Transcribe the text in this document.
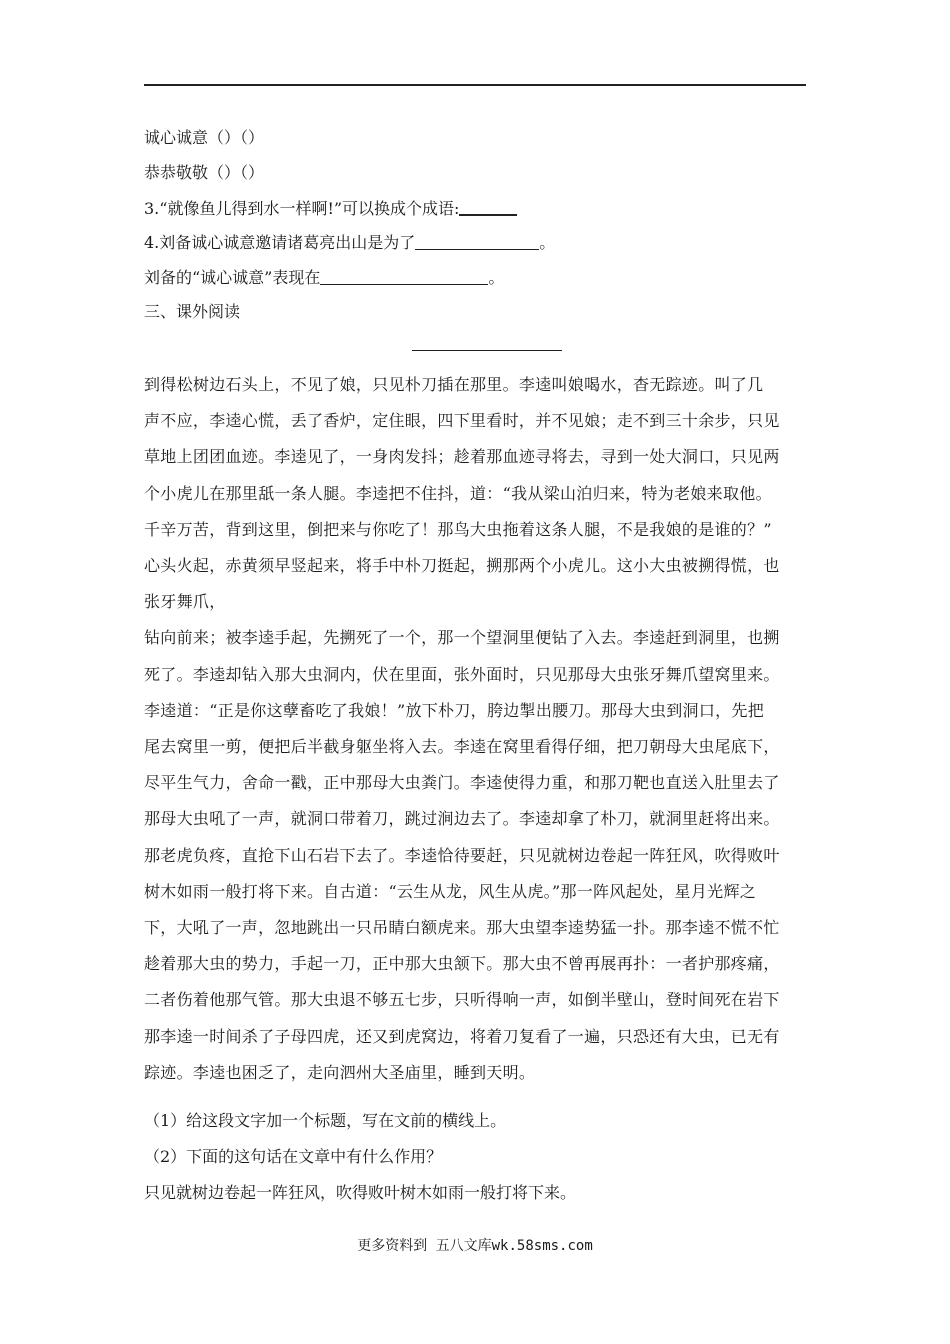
诚心诚意（）（）
恭恭敬敬（）（）
3.“就像鱼儿得到水一样啊!”可以换成个成语:
4.刘备诚心诚意邀请诸葛亮出山是为了	。
刘备的“诚心诚意”表现在	。
三、课外阅读
到得松树边石头上，不见了娘，只见朴刀插在那里。李逵叫娘喝水，杳无踪迹。叫了几
声不应，李逵心慌，丢了香炉，定住眼，四下里看时，并不见娘；走不到三十余步，只见
草地上团团血迹。李逵见了，一身肉发抖；趁着那血迹寻将去，寻到一处大洞口，只见两
个小虎儿在那里舐一条人腿。李逵把不住抖，道：“我从梁山泊归来，特为老娘来取他。
千辛万苦，背到这里，倒把来与你吃了！那鸟大虫拖着这条人腿，不是我娘的是谁的？”
心头火起，赤黄须早竖起来，将手中朴刀挺起，搠那两个小虎儿。这小大虫被搠得慌，也
张牙舞爪，
钻向前来；被李逵手起，先搠死了一个，那一个望洞里便钻了入去。李逵赶到洞里，也搠
死了。李逵却钻入那大虫洞内，伏在里面，张外面时，只见那母大虫张牙舞爪望窝里来。
李逵道：“正是你这孽畜吃了我娘！”放下朴刀，胯边掣出腰刀。那母大虫到洞口，先把
尾去窝里一剪，便把后半截身躯坐将入去。李逵在窝里看得仔细，把刀朝母大虫尾底下，
尽平生气力，舍命一戳，正中那母大虫粪门。李逵使得力重，和那刀靶也直送入肚里去了
那母大虫吼了一声，就洞口带着刀，跳过涧边去了。李逵却拿了朴刀，就洞里赶将出来。
那老虎负疼，直抢下山石岩下去了。李逵恰待要赶，只见就树边卷起一阵狂风，吹得败叶
树木如雨一般打将下来。自古道：“云生从龙，风生从虎。”那一阵风起处，星月光辉之
下，大吼了一声，忽地跳出一只吊睛白额虎来。那大虫望李逵势猛一扑。那李逵不慌不忙
趁着那大虫的势力，手起一刀，正中那大虫颔下。那大虫不曾再展再扑：一者护那疼痛，
二者伤着他那气管。那大虫退不够五七步，只听得响一声，如倒半壁山，登时间死在岩下
那李逵一时间杀了子母四虎，还又到虎窝边，将着刀复看了一遍，只恐还有大虫，已无有
踪迹。李逵也困乏了，走向泗州大圣庙里，睡到天明。
（1）给这段文字加一个标题，写在文前的横线上。
（2）下面的这句话在文章中有什么作用？
只见就树边卷起一阵狂风，吹得败叶树木如雨一般打将下来。
更多资料到 五八文库wk.58sms.com
